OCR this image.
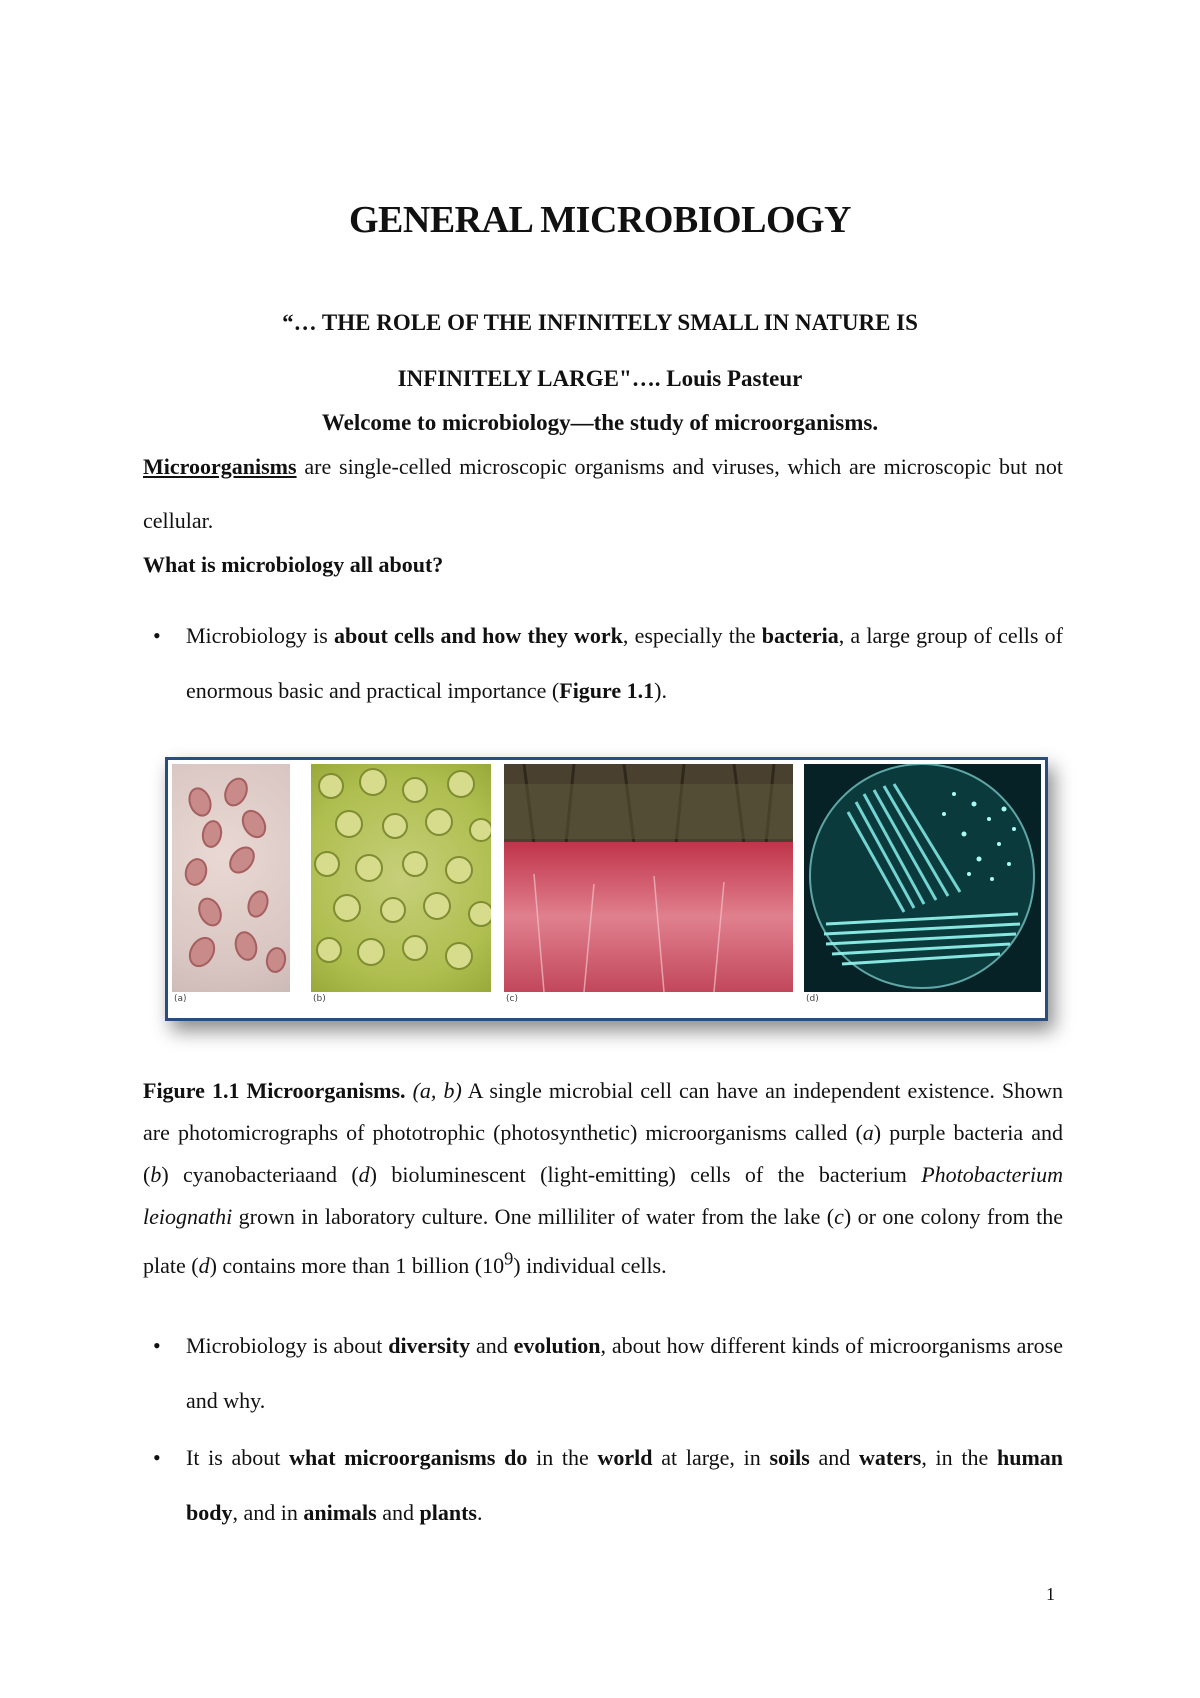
GENERAL MICROBIOLOGY
“… THE ROLE OF THE INFINITELY SMALL IN NATURE IS
INFINITELY LARGE"…. Louis Pasteur
Welcome to microbiology—the study of microorganisms.
Microorganisms are single-celled microscopic organisms and viruses, which are microscopic but not cellular.
What is microbiology all about?
• Microbiology is about cells and how they work, especially the bacteria, a large group of cells of enormous basic and practical importance (Figure 1.1).
(a)	(b)	(c)	(d)
Figure 1.1 Microorganisms. (a, b) A single microbial cell can have an independent existence. Shown are photomicrographs of phototrophic (photosynthetic) microorganisms called (a) purple bacteria and (b) cyanobacteriaand (d) bioluminescent (light-emitting) cells of the bacterium Photobacterium leiognathi grown in laboratory culture. One milliliter of water from the lake (c) or one colony from the plate (d) contains more than 1 billion $(10^9)$ individual cells.
• Microbiology is about diversity and evolution, about how different kinds of microorganisms arose and why.
• It is about what microorganisms do in the world at large, in soils and waters, in the human body, and in animals and plants.
1
